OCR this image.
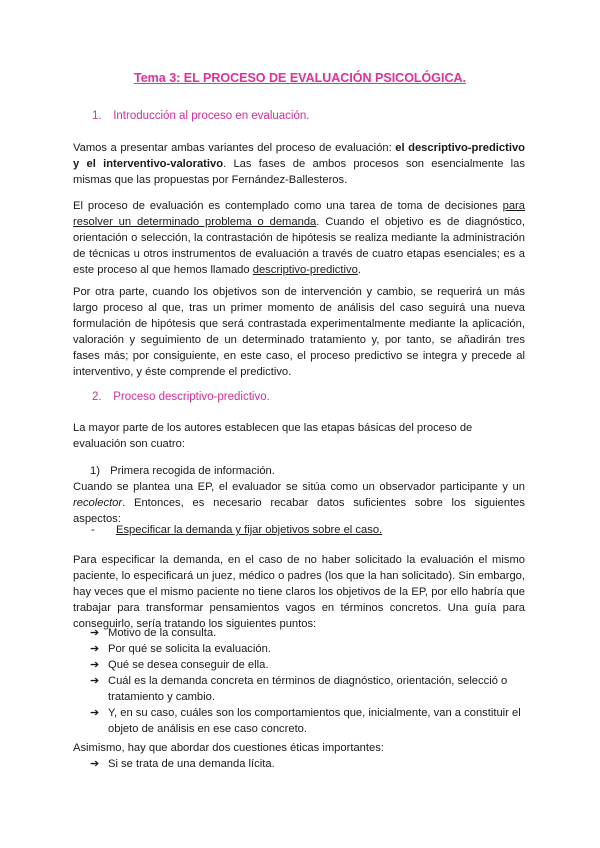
Tema 3: EL PROCESO DE EVALUACIÓN PSICOLÓGICA.
1. Introducción al proceso en evaluación.
Vamos a presentar ambas variantes del proceso de evaluación: el descriptivo-predictivo y el interventivo-valorativo. Las fases de ambos procesos son esencialmente las mismas que las propuestas por Fernández-Ballesteros.
El proceso de evaluación es contemplado como una tarea de toma de decisiones para resolver un determinado problema o demanda. Cuando el objetivo es de diagnóstico, orientación o selección, la contrastación de hipótesis se realiza mediante la administración de técnicas u otros instrumentos de evaluación a través de cuatro etapas esenciales; es a este proceso al que hemos llamado descriptivo-predictivo.
Por otra parte, cuando los objetivos son de intervención y cambio, se requerirá un más largo proceso al que, tras un primer momento de análisis del caso seguirá una nueva formulación de hipótesis que será contrastada experimentalmente mediante la aplicación, valoración y seguimiento de un determinado tratamiento y, por tanto, se añadirán tres fases más; por consiguiente, en este caso, el proceso predictivo se integra y precede al interventivo, y éste comprende el predictivo.
2. Proceso descriptivo-predictivo.
La mayor parte de los autores establecen que las etapas básicas del proceso de evaluación son cuatro:
1) Primera recogida de información.
Cuando se plantea una EP, el evaluador se sitúa como un observador participante y un recolector. Entonces, es necesario recabar datos suficientes sobre los siguientes aspectos:
- Especificar la demanda y fijar objetivos sobre el caso.
Para especificar la demanda, en el caso de no haber solicitado la evaluación el mismo paciente, lo especificará un juez, médico o padres (los que la han solicitado). Sin embargo, hay veces que el mismo paciente no tiene claros los objetivos de la EP, por ello habría que trabajar para transformar pensamientos vagos en términos concretos. Una guía para conseguirlo, sería tratando los siguientes puntos:
➔ Motivo de la consulta.
➔ Por qué se solicita la evaluación.
➔ Qué se desea conseguir de ella.
➔ Cuál es la demanda concreta en términos de diagnóstico, orientación, selecció o tratamiento y cambio.
➔ Y, en su caso, cuáles son los comportamientos que, inicialmente, van a constituir el objeto de análisis en ese caso concreto.
Asimismo, hay que abordar dos cuestiones éticas importantes:
➔ Si se trata de una demanda lícita.
